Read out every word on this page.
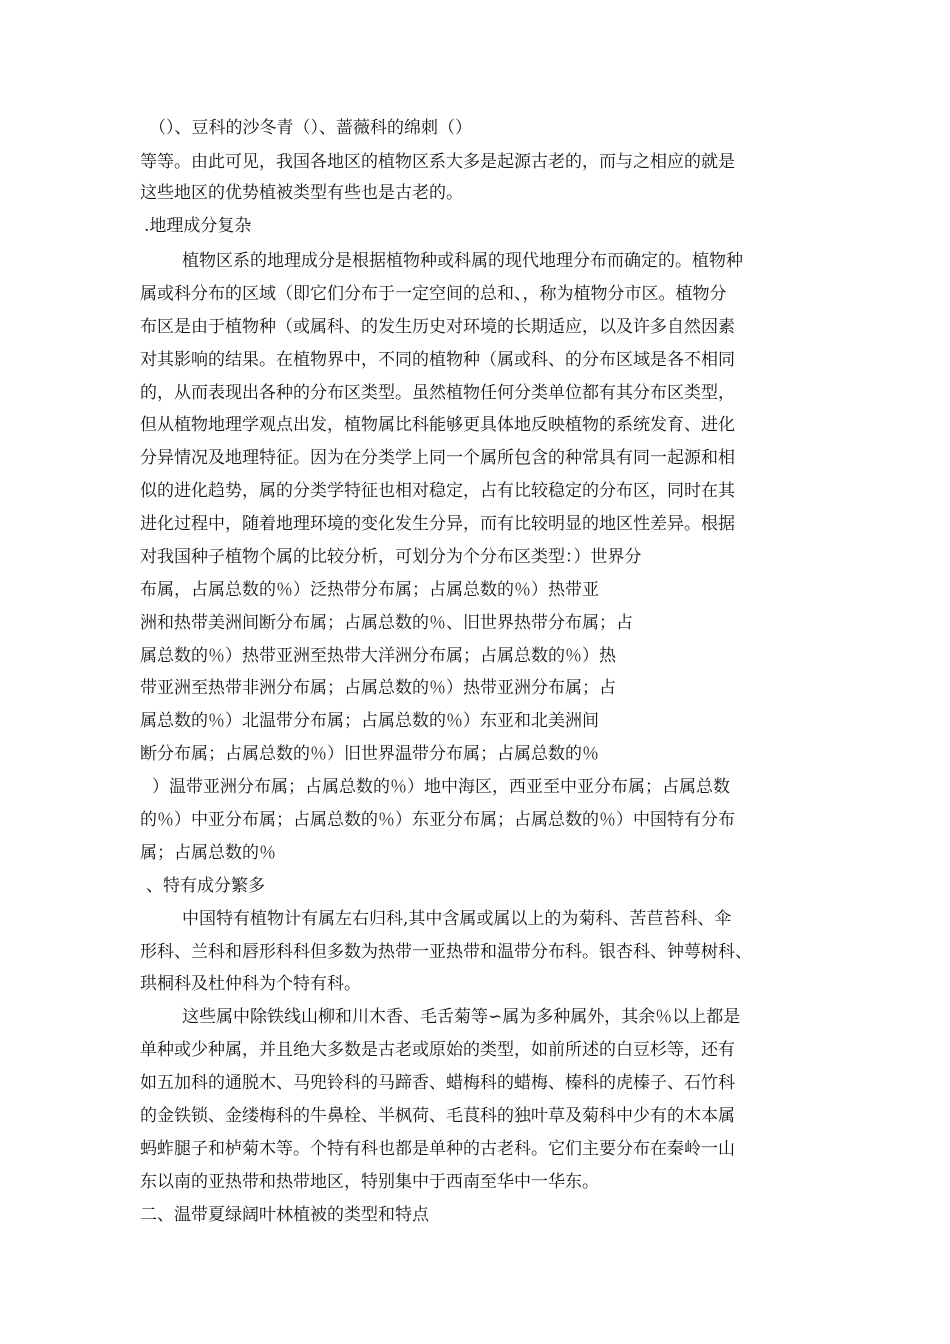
（）、豆科的沙冬青（）、蔷薇科的绵刺（）

等等。由此可见，我国各地区的植物区系大多是起源古老的，而与之相应的就是

这些地区的优势植被类型有些也是古老的。

.地理成分复杂

植物区系的地理成分是根据植物种或科属的现代地理分布而确定的。植物种

属或科分布的区域（即它们分布于一定空间的总和、，称为植物分市区。植物分

布区是由于植物种（或属科、的发生历史对环境的长期适应，以及许多自然因素

对其影响的结果。在植物界中，不同的植物种（属或科、的分布区域是各不相同

的，从而表现出各种的分布区类型。虽然植物任何分类单位都有其分布区类型，

但从植物地理学观点出发，植物属比科能够更具体地反映植物的系统发育、进化

分异情况及地理特征。因为在分类学上同一个属所包含的种常具有同一起源和相

似的进化趋势，属的分类学特征也相对稳定，占有比较稳定的分布区，同时在其

进化过程中，随着地理环境的变化发生分异，而有比较明显的地区性差异。根据

对我国种子植物个属的比较分析，可划分为个分布区类型：）世界分

布属，占属总数的％）泛热带分布属；占属总数的％）热带亚

洲和热带美洲间断分布属；占属总数的％、旧世界热带分布属；占

属总数的％）热带亚洲至热带大洋洲分布属；占属总数的％）热

带亚洲至热带非洲分布属；占属总数的％）热带亚洲分布属；占

属总数的％）北温带分布属；占属总数的％）东亚和北美洲间

断分布属；占属总数的％）旧世界温带分布属；占属总数的％

）温带亚洲分布属；占属总数的％）地中海区，西亚至中亚分布属；占属总数

的％）中亚分布属；占属总数的％）东亚分布属；占属总数的％）中国特有分布

属；占属总数的％

、特有成分繁多

中国特有植物计有属左右归科,其中含属或属以上的为菊科、苦苣苔科、伞

形科、兰科和唇形科科但多数为热带一亚热带和温带分布科。银杏科、钟萼树科、

珙桐科及杜仲科为个特有科。

这些属中除铁线山柳和川木香、毛舌菊等∽属为多种属外，其余％以上都是

单种或少种属，并且绝大多数是古老或原始的类型，如前所述的白豆杉等，还有

如五加科的通脱木、马兜铃科的马蹄香、蜡梅科的蜡梅、榛科的虎榛子、石竹科

的金铁锁、金缕梅科的牛鼻栓、半枫荷、毛茛科的独叶草及菊科中少有的木本属

蚂蚱腿子和栌菊木等。个特有科也都是单种的古老科。它们主要分布在秦岭一山

东以南的亚热带和热带地区，特别集中于西南至华中一华东。

二、温带夏绿阔叶林植被的类型和特点
